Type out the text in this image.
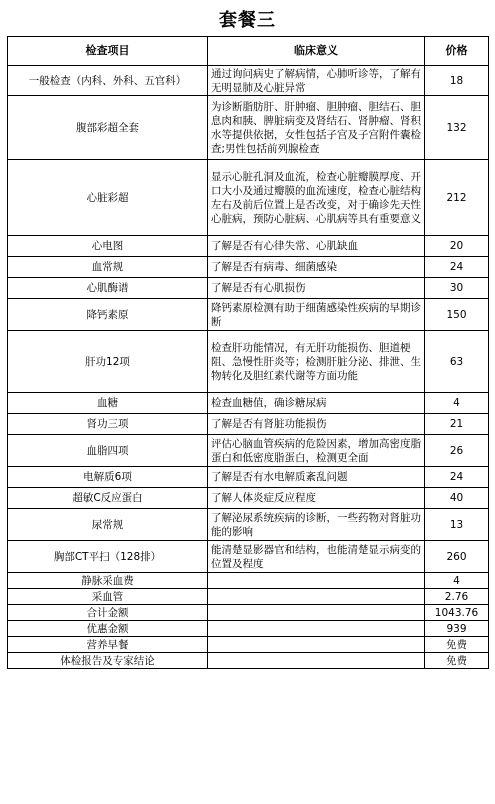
套餐三
检查项目	临床意义	价格
一般检查（内科、外科、五官科）	通过询问病史了解病情，心肺听诊等，了解有无明显肺及心脏异常	18
腹部彩超全套	为诊断脂肪肝、肝肿瘤、胆肿瘤、胆结石、胆息肉和胰、脾脏病变及肾结石、肾肿瘤、肾积水等提供依据，女性包括子宫及子宫附件囊检查;男性包括前列腺检查	132
心脏彩超	显示心脏孔洞及血流，检查心脏瓣膜厚度、开口大小及通过瓣膜的血流速度，检查心脏结构左右及前后位置上是否改变，对于确诊先天性心脏病，预防心脏病、心肌病等具有重要意义	212
心电图	了解是否有心律失常、心肌缺血	20
血常规	了解是否有病毒、细菌感染	24
心肌酶谱	了解是否有心肌损伤	30
降钙素原	降钙素原检测有助于细菌感染性疾病的早期诊断	150
肝功12项	检查肝功能情况，有无肝功能损伤、胆道梗阻、急慢性肝炎等；检测肝脏分泌、排泄、生物转化及胆红素代谢等方面功能	63
血糖	检查血糖值，确诊糖尿病	4
肾功三项	了解是否有肾脏功能损伤	21
血脂四项	评估心脑血管疾病的危险因素，增加高密度脂蛋白和低密度脂蛋白，检测更全面	26
电解质6项	了解是否有水电解质紊乱问题	24
超敏C反应蛋白	了解人体炎症反应程度	40
尿常规	了解泌尿系统疾病的诊断，一些药物对肾脏功能的影响	13
胸部CT平扫（128排）	能清楚显影器官和结构，也能清楚显示病变的位置及程度	260
静脉采血费		4
采血管		2.76
合计金额		1043.76
优惠金额		939
营养早餐		免费
体检报告及专家结论		免费
